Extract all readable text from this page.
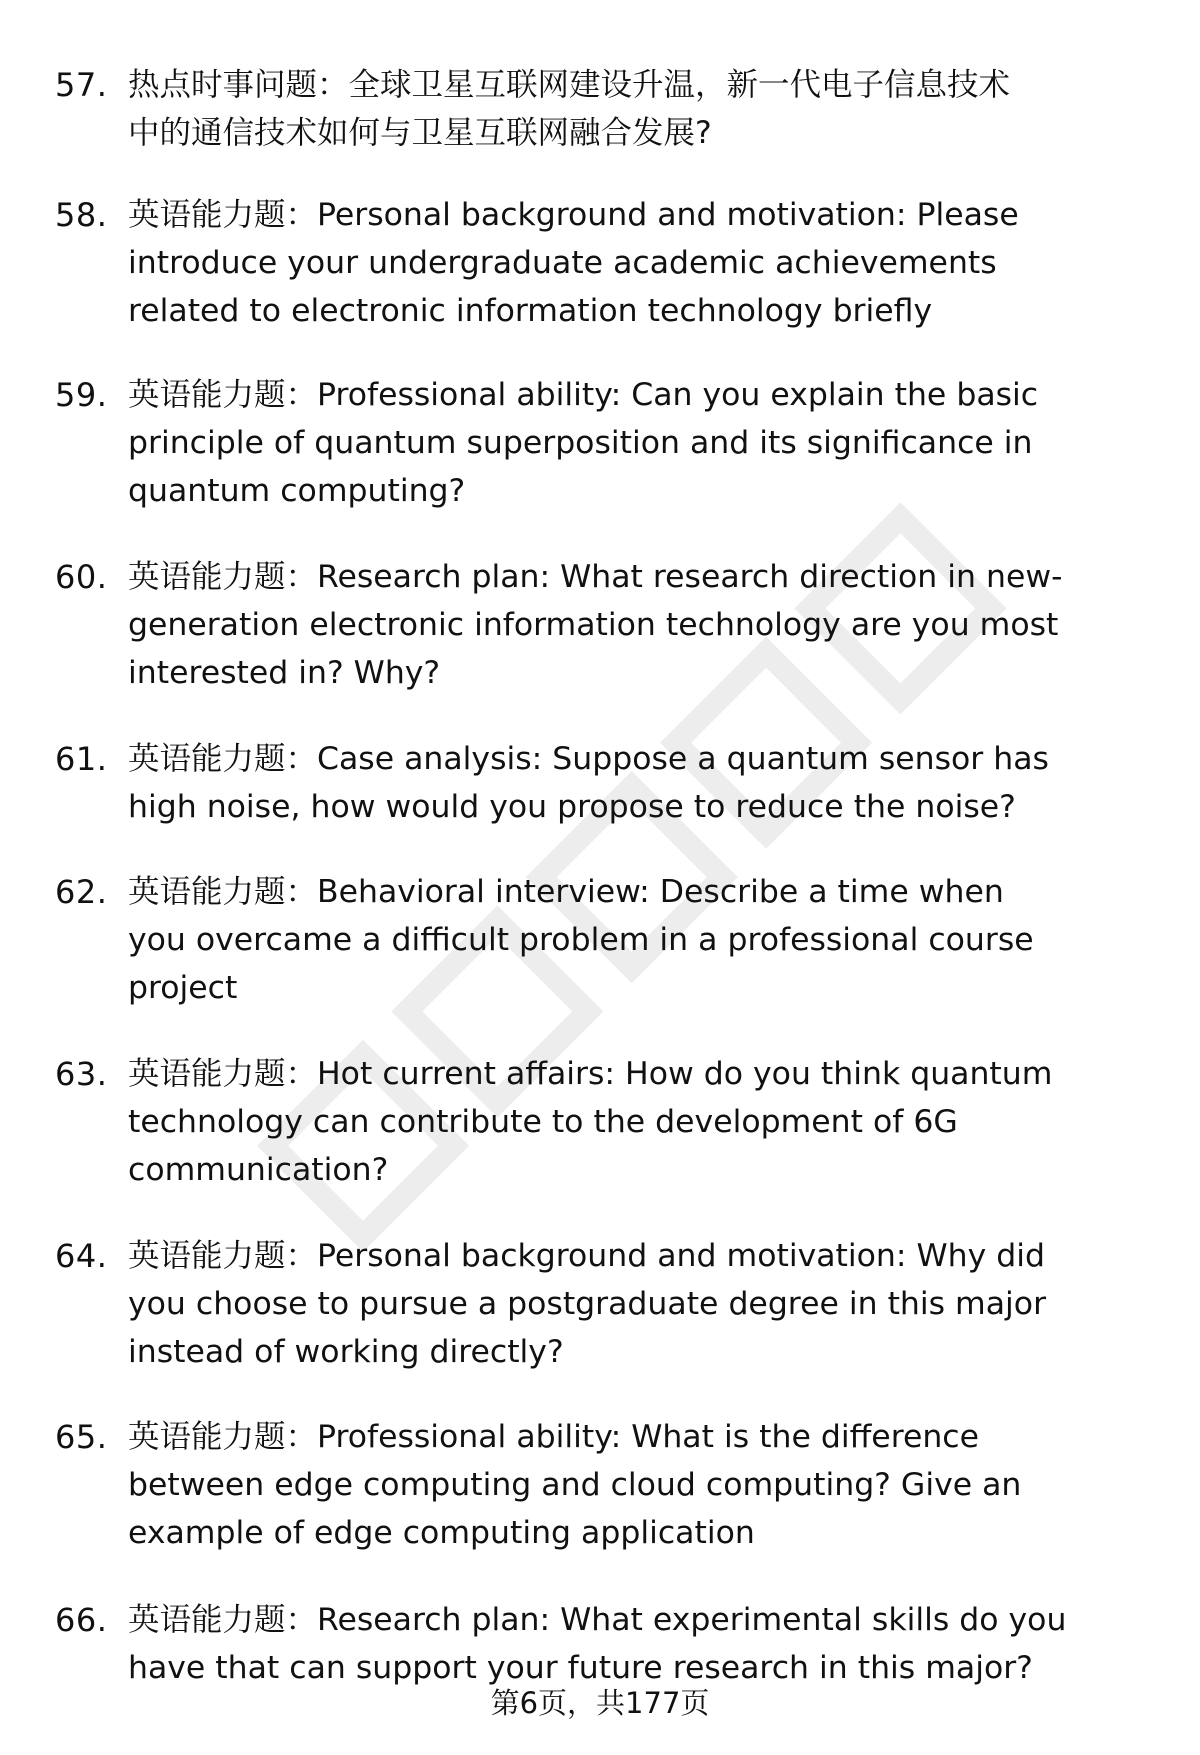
57. 热点时事问题：全球卫星互联网建设升温，新一代电子信息技术
中的通信技术如何与卫星互联网融合发展?
58. 英语能力题：Personal background and motivation: Please
introduce your undergraduate academic achievements
related to electronic information technology briefly
59. 英语能力题：Professional ability: Can you explain the basic
principle of quantum superposition and its significance in
quantum computing?
60. 英语能力题：Research plan: What research direction in new-
generation electronic information technology are you most
interested in? Why?
61. 英语能力题：Case analysis: Suppose a quantum sensor has
high noise, how would you propose to reduce the noise?
62. 英语能力题：Behavioral interview: Describe a time when
you overcame a difficult problem in a professional course
project
63. 英语能力题：Hot current affairs: How do you think quantum
technology can contribute to the development of 6G
communication?
64. 英语能力题：Personal background and motivation: Why did
you choose to pursue a postgraduate degree in this major
instead of working directly?
65. 英语能力题：Professional ability: What is the difference
between edge computing and cloud computing? Give an
example of edge computing application
66. 英语能力题：Research plan: What experimental skills do you
have that can support your future research in this major?
第6页，共177页
